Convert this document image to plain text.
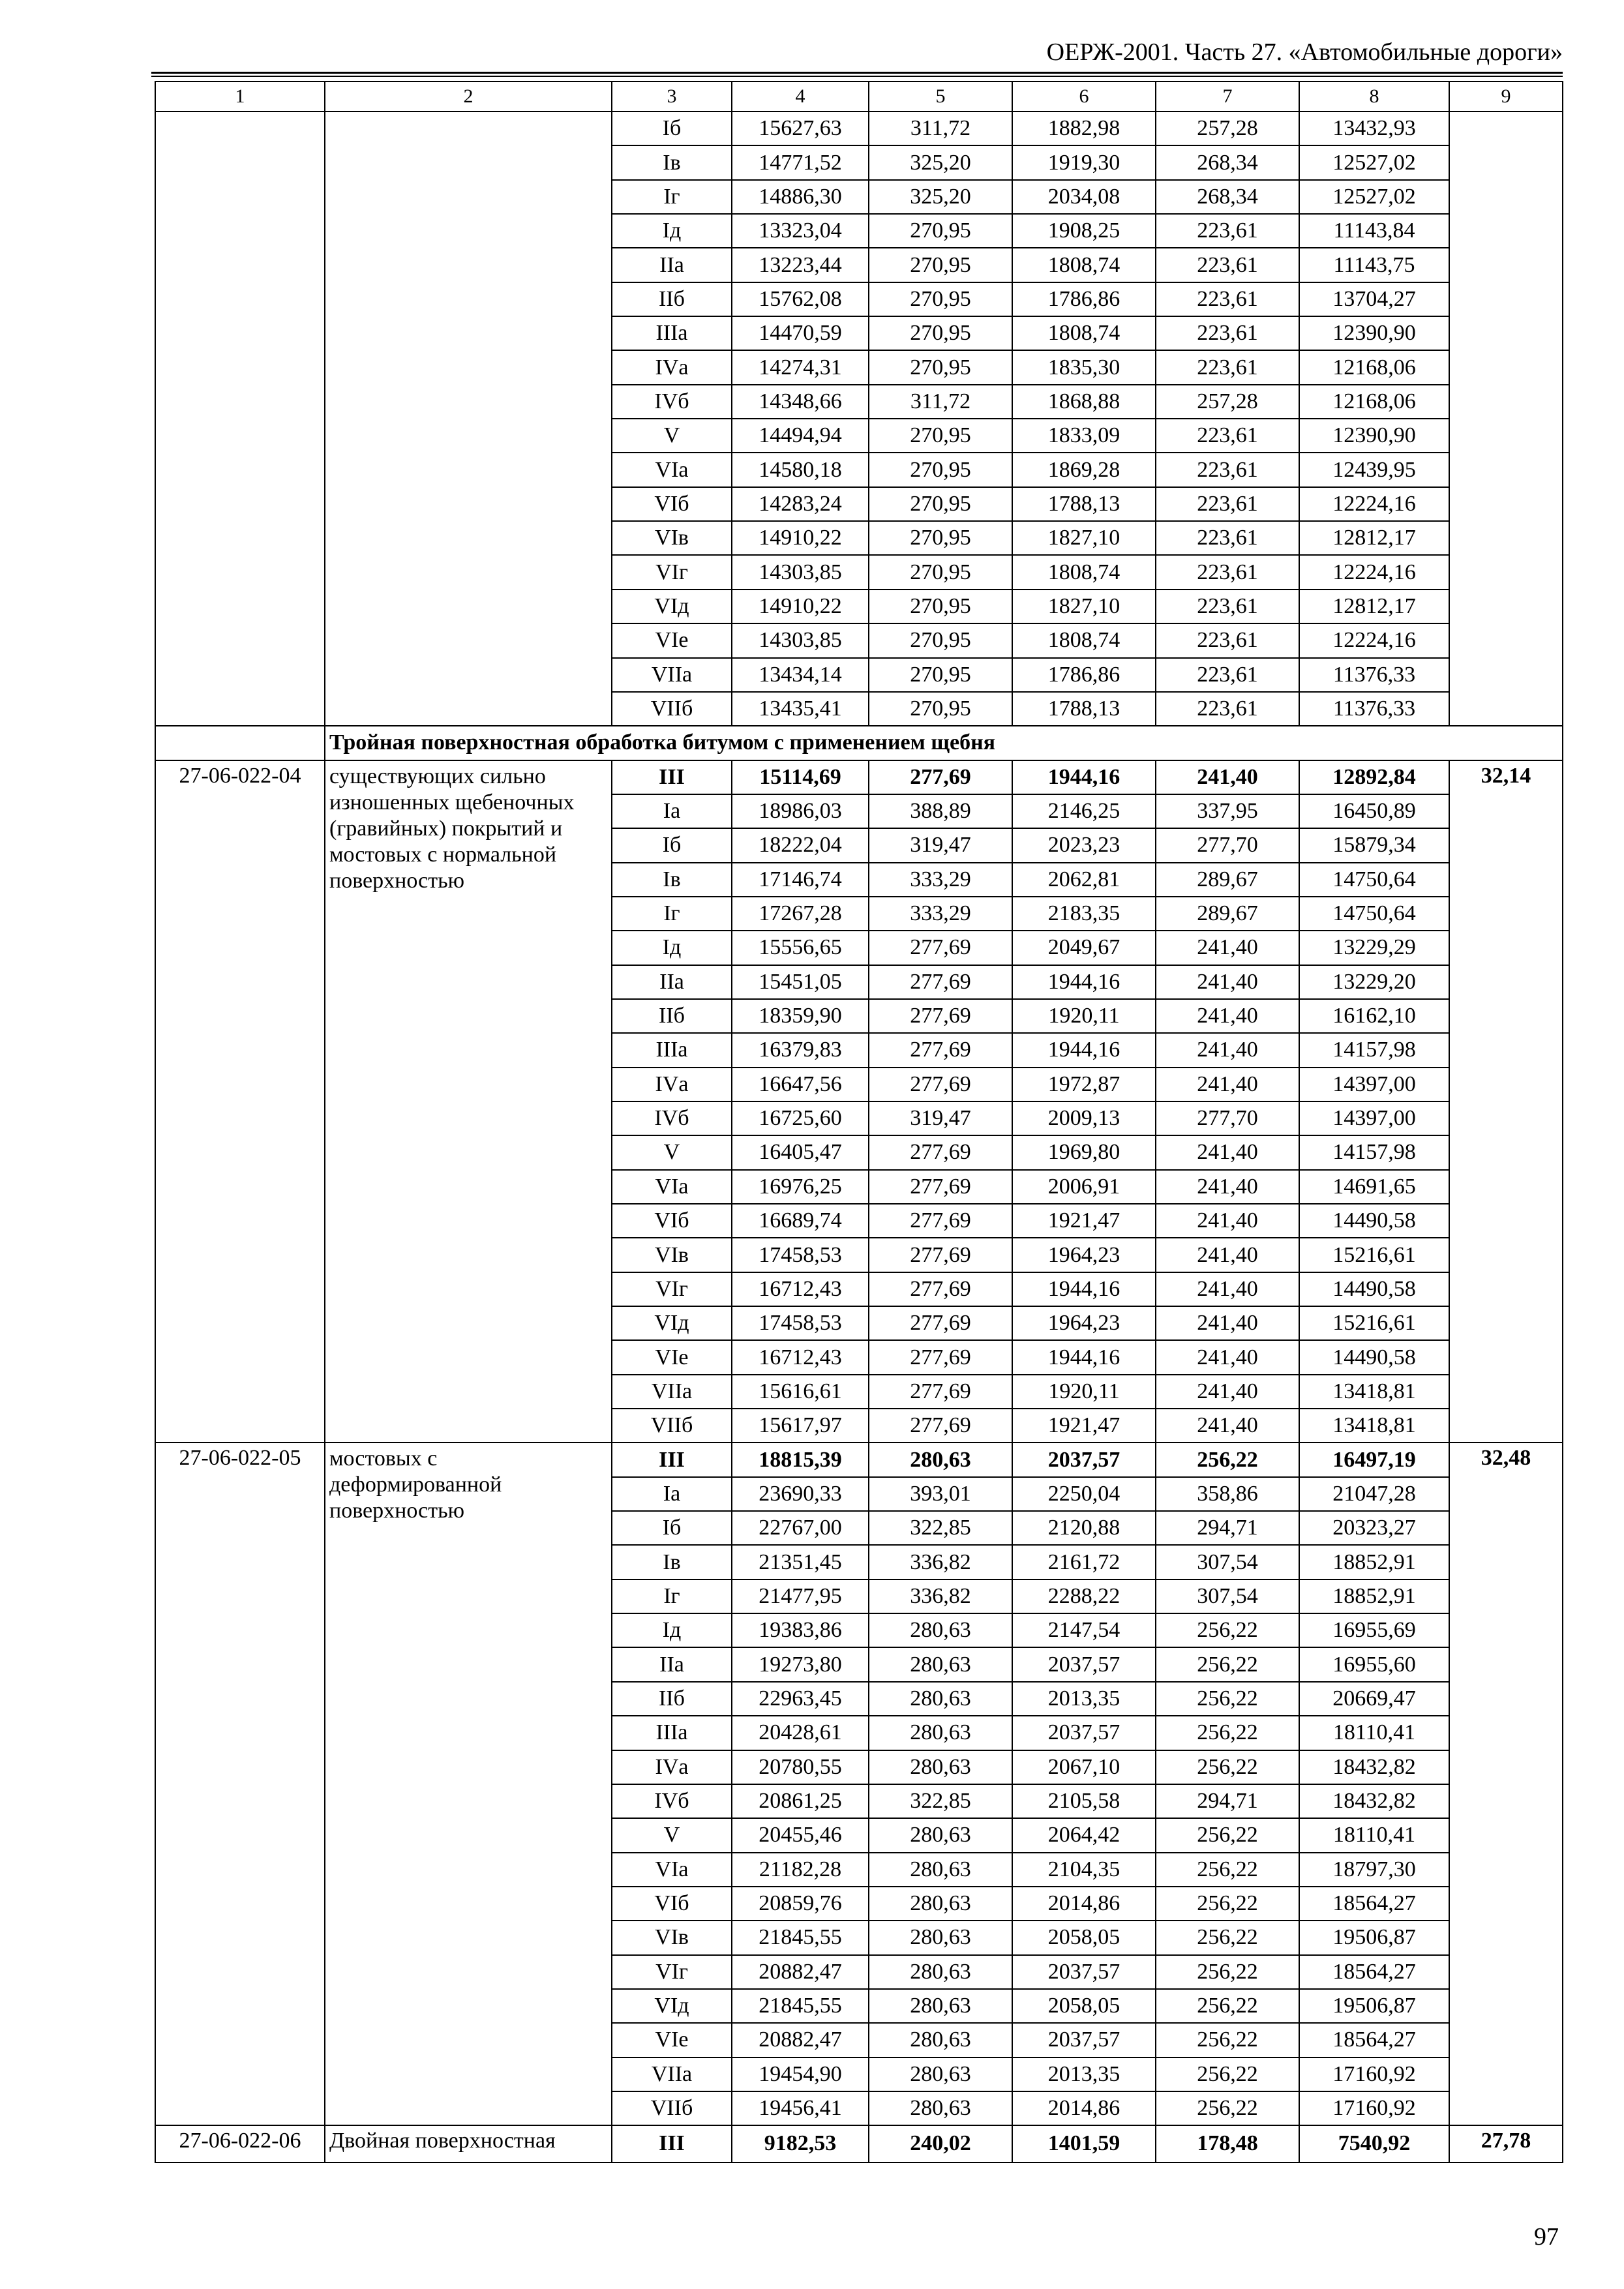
ОЕРЖ-2001. Часть 27. «Автомобильные дороги»
1	2	3	4	5	6	7	8	9
		Iб	15627,63	311,72	1882,98	257,28	13432,93	
		Iв	14771,52	325,20	1919,30	268,34	12527,02	
		Iг	14886,30	325,20	2034,08	268,34	12527,02	
		Iд	13323,04	270,95	1908,25	223,61	11143,84	
		IIа	13223,44	270,95	1808,74	223,61	11143,75	
		IIб	15762,08	270,95	1786,86	223,61	13704,27	
		IIIа	14470,59	270,95	1808,74	223,61	12390,90	
		IVа	14274,31	270,95	1835,30	223,61	12168,06	
		IVб	14348,66	311,72	1868,88	257,28	12168,06	
		V	14494,94	270,95	1833,09	223,61	12390,90	
		VIа	14580,18	270,95	1869,28	223,61	12439,95	
		VIб	14283,24	270,95	1788,13	223,61	12224,16	
		VIв	14910,22	270,95	1827,10	223,61	12812,17	
		VIг	14303,85	270,95	1808,74	223,61	12224,16	
		VIд	14910,22	270,95	1827,10	223,61	12812,17	
		VIе	14303,85	270,95	1808,74	223,61	12224,16	
		VIIа	13434,14	270,95	1786,86	223,61	11376,33	
		VIIб	13435,41	270,95	1788,13	223,61	11376,33	
	Тройная поверхностная обработка битумом с применением щебня							
27-06-022-04	существующих сильно изношенных щебеночных (гравийных) покрытий и мостовых с нормальной поверхностью	III	15114,69	277,69	1944,16	241,40	12892,84	32,14
		Iа	18986,03	388,89	2146,25	337,95	16450,89	
		Iб	18222,04	319,47	2023,23	277,70	15879,34	
		Iв	17146,74	333,29	2062,81	289,67	14750,64	
		Iг	17267,28	333,29	2183,35	289,67	14750,64	
		Iд	15556,65	277,69	2049,67	241,40	13229,29	
		IIа	15451,05	277,69	1944,16	241,40	13229,20	
		IIб	18359,90	277,69	1920,11	241,40	16162,10	
		IIIа	16379,83	277,69	1944,16	241,40	14157,98	
		IVа	16647,56	277,69	1972,87	241,40	14397,00	
		IVб	16725,60	319,47	2009,13	277,70	14397,00	
		V	16405,47	277,69	1969,80	241,40	14157,98	
		VIа	16976,25	277,69	2006,91	241,40	14691,65	
		VIб	16689,74	277,69	1921,47	241,40	14490,58	
		VIв	17458,53	277,69	1964,23	241,40	15216,61	
		VIг	16712,43	277,69	1944,16	241,40	14490,58	
		VIд	17458,53	277,69	1964,23	241,40	15216,61	
		VIе	16712,43	277,69	1944,16	241,40	14490,58	
		VIIа	15616,61	277,69	1920,11	241,40	13418,81	
		VIIб	15617,97	277,69	1921,47	241,40	13418,81	
27-06-022-05	мостовых с деформированной поверхностью	III	18815,39	280,63	2037,57	256,22	16497,19	32,48
		Iа	23690,33	393,01	2250,04	358,86	21047,28	
		Iб	22767,00	322,85	2120,88	294,71	20323,27	
		Iв	21351,45	336,82	2161,72	307,54	18852,91	
		Iг	21477,95	336,82	2288,22	307,54	18852,91	
		Iд	19383,86	280,63	2147,54	256,22	16955,69	
		IIа	19273,80	280,63	2037,57	256,22	16955,60	
		IIб	22963,45	280,63	2013,35	256,22	20669,47	
		IIIа	20428,61	280,63	2037,57	256,22	18110,41	
		IVа	20780,55	280,63	2067,10	256,22	18432,82	
		IVб	20861,25	322,85	2105,58	294,71	18432,82	
		V	20455,46	280,63	2064,42	256,22	18110,41	
		VIа	21182,28	280,63	2104,35	256,22	18797,30	
		VIб	20859,76	280,63	2014,86	256,22	18564,27	
		VIв	21845,55	280,63	2058,05	256,22	19506,87	
		VIг	20882,47	280,63	2037,57	256,22	18564,27	
		VIд	21845,55	280,63	2058,05	256,22	19506,87	
		VIе	20882,47	280,63	2037,57	256,22	18564,27	
		VIIа	19454,90	280,63	2013,35	256,22	17160,92	
		VIIб	19456,41	280,63	2014,86	256,22	17160,92	
27-06-022-06	Двойная поверхностная	III	9182,53	240,02	1401,59	178,48	7540,92	27,78
97
